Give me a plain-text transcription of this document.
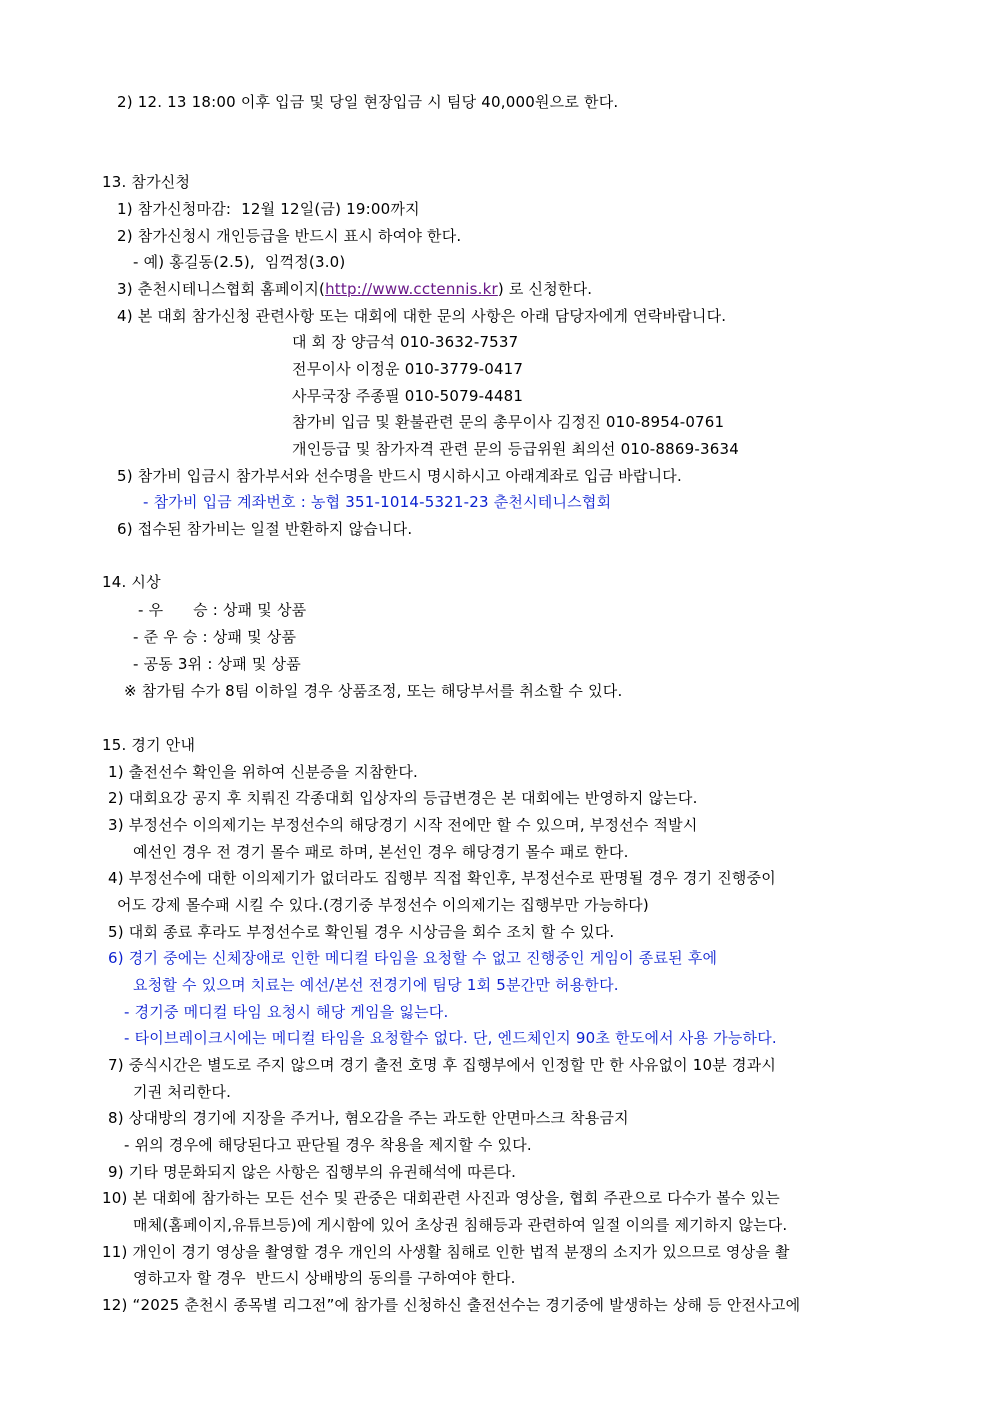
2) 12. 13 18:00 이후 입금 및 당일 현장입금 시 팀당 40,000원으로 한다.
13. 참가신청
1) 참가신청마감:  12월 12일(금) 19:00까지
2) 참가신청시 개인등급을 반드시 표시 하여야 한다.
- 예) 홍길동(2.5),  임꺽정(3.0)
3) 춘천시테니스협회 홈페이지(http://www.cctennis.kr) 로 신청한다.
4) 본 대회 참가신청 관련사항 또는 대회에 대한 문의 사항은 아래 담당자에게 연락바랍니다.
대 회 장 양금석 010-3632-7537
전무이사 이정운 010-3779-0417
사무국장 주종필 010-5079-4481
참가비 입금 및 환불관련 문의 총무이사 김정진 010-8954-0761
개인등급 및 참가자격 관련 문의 등급위원 최의선 010-8869-3634
5) 참가비 입금시 참가부서와 선수명을 반드시 명시하시고 아래계좌로 입금 바랍니다.
- 참가비 입금 계좌번호 : 농협 351-1014-5321-23 춘천시테니스협회
6) 접수된 참가비는 일절 반환하지 않습니다.
14. 시상
- 우      승 : 상패 및 상품
- 준 우 승 : 상패 및 상품
- 공동 3위 : 상패 및 상품
※ 참가팀 수가 8팀 이하일 경우 상품조정, 또는 해당부서를 취소할 수 있다.
15. 경기 안내
1) 출전선수 확인을 위하여 신분증을 지참한다.
2) 대회요강 공지 후 치뤄진 각종대회 입상자의 등급변경은 본 대회에는 반영하지 않는다.
3) 부정선수 이의제기는 부정선수의 해당경기 시작 전에만 할 수 있으며, 부정선수 적발시
예선인 경우 전 경기 몰수 패로 하며, 본선인 경우 해당경기 몰수 패로 한다.
4) 부정선수에 대한 이의제기가 없더라도 집행부 직접 확인후, 부정선수로 판명될 경우 경기 진행중이
어도 강제 몰수패 시킬 수 있다.(경기중 부정선수 이의제기는 집행부만 가능하다)
5) 대회 종료 후라도 부정선수로 확인될 경우 시상금을 회수 조치 할 수 있다.
6) 경기 중에는 신체장애로 인한 메디컬 타임을 요청할 수 없고 진행중인 게임이 종료된 후에
요청할 수 있으며 치료는 예선/본선 전경기에 팀당 1회 5분간만 허용한다.
- 경기중 메디컬 타임 요청시 해당 게임을 잃는다.
- 타이브레이크시에는 메디컬 타임을 요청할수 없다. 단, 엔드체인지 90초 한도에서 사용 가능하다.
7) 중식시간은 별도로 주지 않으며 경기 출전 호명 후 집행부에서 인정할 만 한 사유없이 10분 경과시
기권 처리한다.
8) 상대방의 경기에 지장을 주거나, 혐오감을 주는 과도한 안면마스크 착용금지
- 위의 경우에 해당된다고 판단될 경우 착용을 제지할 수 있다.
9) 기타 명문화되지 않은 사항은 집행부의 유권해석에 따른다.
10) 본 대회에 참가하는 모든 선수 및 관중은 대회관련 사진과 영상을, 협회 주관으로 다수가 볼수 있는
매체(홈페이지,유튜브등)에 게시함에 있어 초상권 침해등과 관련하여 일절 이의를 제기하지 않는다.
11) 개인이 경기 영상을 촬영할 경우 개인의 사생활 침해로 인한 법적 분쟁의 소지가 있으므로 영상을 촬
영하고자 할 경우  반드시 상배방의 동의를 구하여야 한다.
12) “2025 춘천시 종목별 리그전”에 참가를 신청하신 출전선수는 경기중에 발생하는 상해 등 안전사고에
